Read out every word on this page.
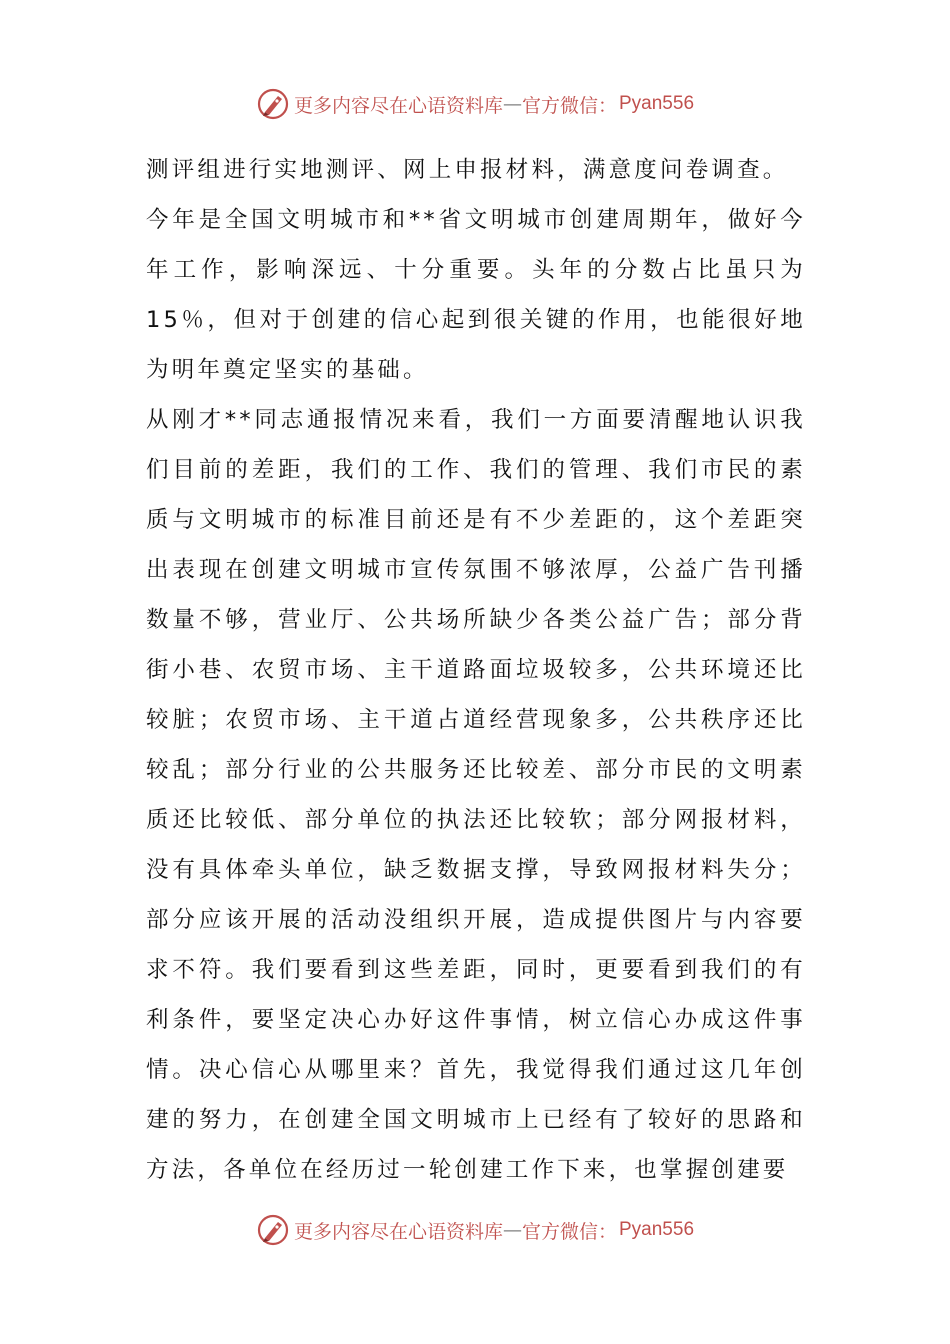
更多内容尽在心语资料库 — 官方微信： Pyan556

测评组进行实地测评、网上申报材料，满意度问卷调查。

今年是全国文明城市和**省文明城市创建周期年，做好今年工作，影响深远、十分重要。头年的分数占比虽只为15％，但对于创建的信心起到很关键的作用，也能很好地为明年奠定坚实的基础。

从刚才**同志通报情况来看，我们一方面要清醒地认识我们目前的差距，我们的工作、我们的管理、我们市民的素质与文明城市的标准目前还是有不少差距的，这个差距突出表现在创建文明城市宣传氛围不够浓厚，公益广告刊播数量不够，营业厅、公共场所缺少各类公益广告；部分背街小巷、农贸市场、主干道路面垃圾较多，公共环境还比较脏；农贸市场、主干道占道经营现象多，公共秩序还比较乱；部分行业的公共服务还比较差、部分市民的文明素质还比较低、部分单位的执法还比较软；部分网报材料，没有具体牵头单位，缺乏数据支撑，导致网报材料失分；部分应该开展的活动没组织开展，造成提供图片与内容要求不符。我们要看到这些差距，同时，更要看到我们的有利条件，要坚定决心办好这件事情，树立信心办成这件事情。决心信心从哪里来？首先，我觉得我们通过这几年创建的努力，在创建全国文明城市上已经有了较好的思路和方法，各单位在经历过一轮创建工作下来，也掌握创建要

更多内容尽在心语资料库 — 官方微信： Pyan556
